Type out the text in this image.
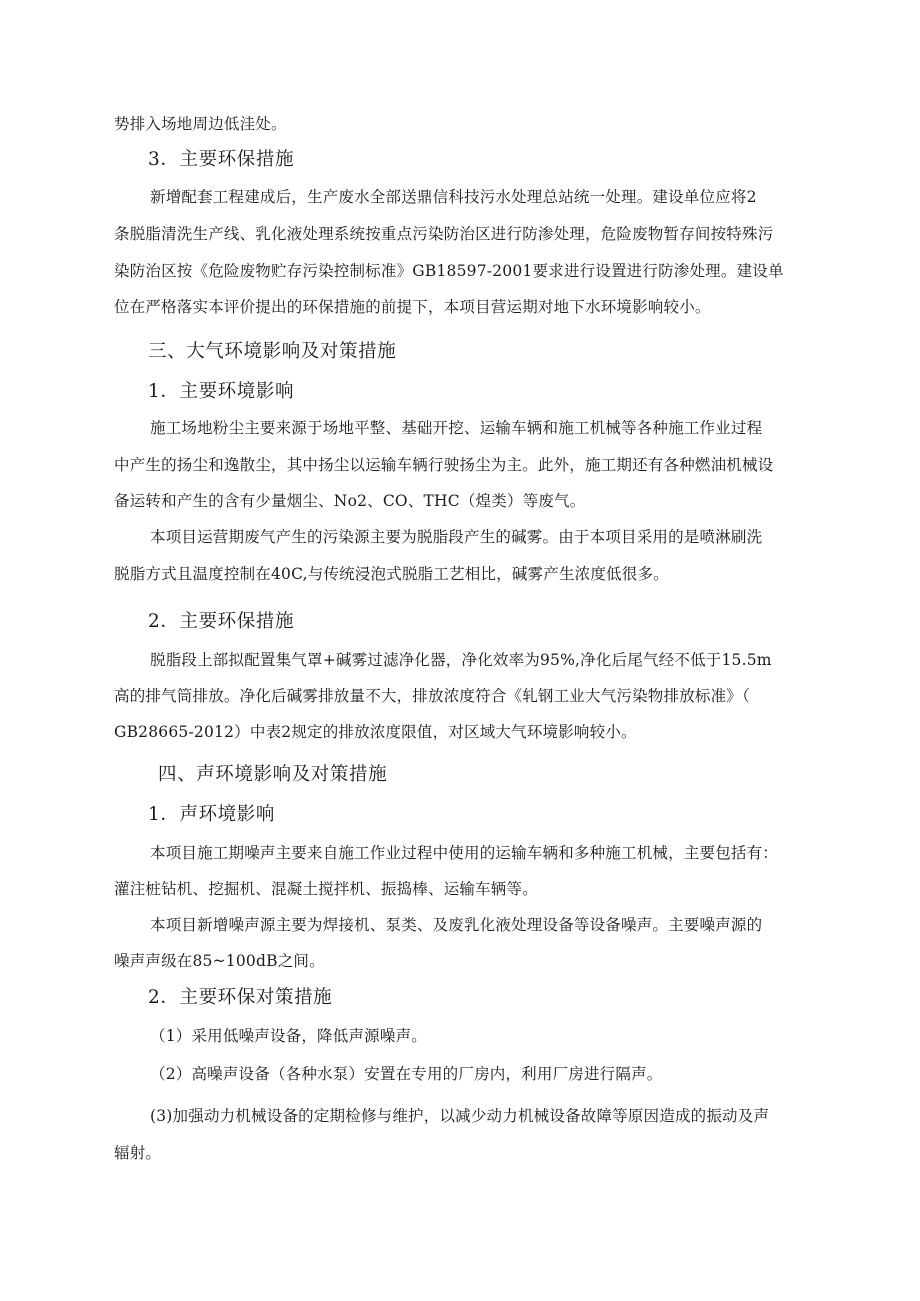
势排入场地周边低洼处。
3．主要环保措施
新增配套工程建成后，生产废水全部送鼎信科技污水处理总站统一处理。建设单位应将2
条脱脂清洗生产线、乳化液处理系统按重点污染防治区进行防渗处理，危险废物暂存间按特殊污
染防治区按《危险废物贮存污染控制标准》GB18597-2001要求进行设置进行防渗处理。建设单
位在严格落实本评价提出的环保措施的前提下，本项目营运期对地下水环境影响较小。
三、大气环境影响及对策措施
1．主要环境影响
施工场地粉尘主要来源于场地平整、基础开挖、运输车辆和施工机械等各种施工作业过程
中产生的扬尘和逸散尘，其中扬尘以运输车辆行驶扬尘为主。此外，施工期还有各种燃油机械设
备运转和产生的含有少量烟尘、No2、CO、THC（煌类）等废气。
本项目运营期废气产生的污染源主要为脱脂段产生的碱雾。由于本项目采用的是喷淋刷洗
脱脂方式且温度控制在40C,与传统浸泡式脱脂工艺相比，碱雾产生浓度低很多。
2．主要环保措施
脱脂段上部拟配置集气罩+碱雾过滤净化器，净化效率为95%,净化后尾气经不低于15.5m
高的排气筒排放。净化后碱雾排放量不大，排放浓度符合《轧钢工业大气污染物排放标准》（
GB28665-2012）中表2规定的排放浓度限值，对区域大气环境影响较小。
四、声环境影响及对策措施
1．声环境影响
本项目施工期噪声主要来自施工作业过程中使用的运输车辆和多种施工机械，主要包括有：
灌注桩钻机、挖掘机、混凝土搅拌机、振捣棒、运输车辆等。
本项目新增噪声源主要为焊接机、泵类、及废乳化液处理设备等设备噪声。主要噪声源的
噪声声级在85~100dB之间。
2．主要环保对策措施
（1）采用低噪声设备，降低声源噪声。
（2）高噪声设备（各种水泵）安置在专用的厂房内，利用厂房进行隔声。
(3)加强动力机械设备的定期检修与维护，以减少动力机械设备故障等原因造成的振动及声
辐射。
